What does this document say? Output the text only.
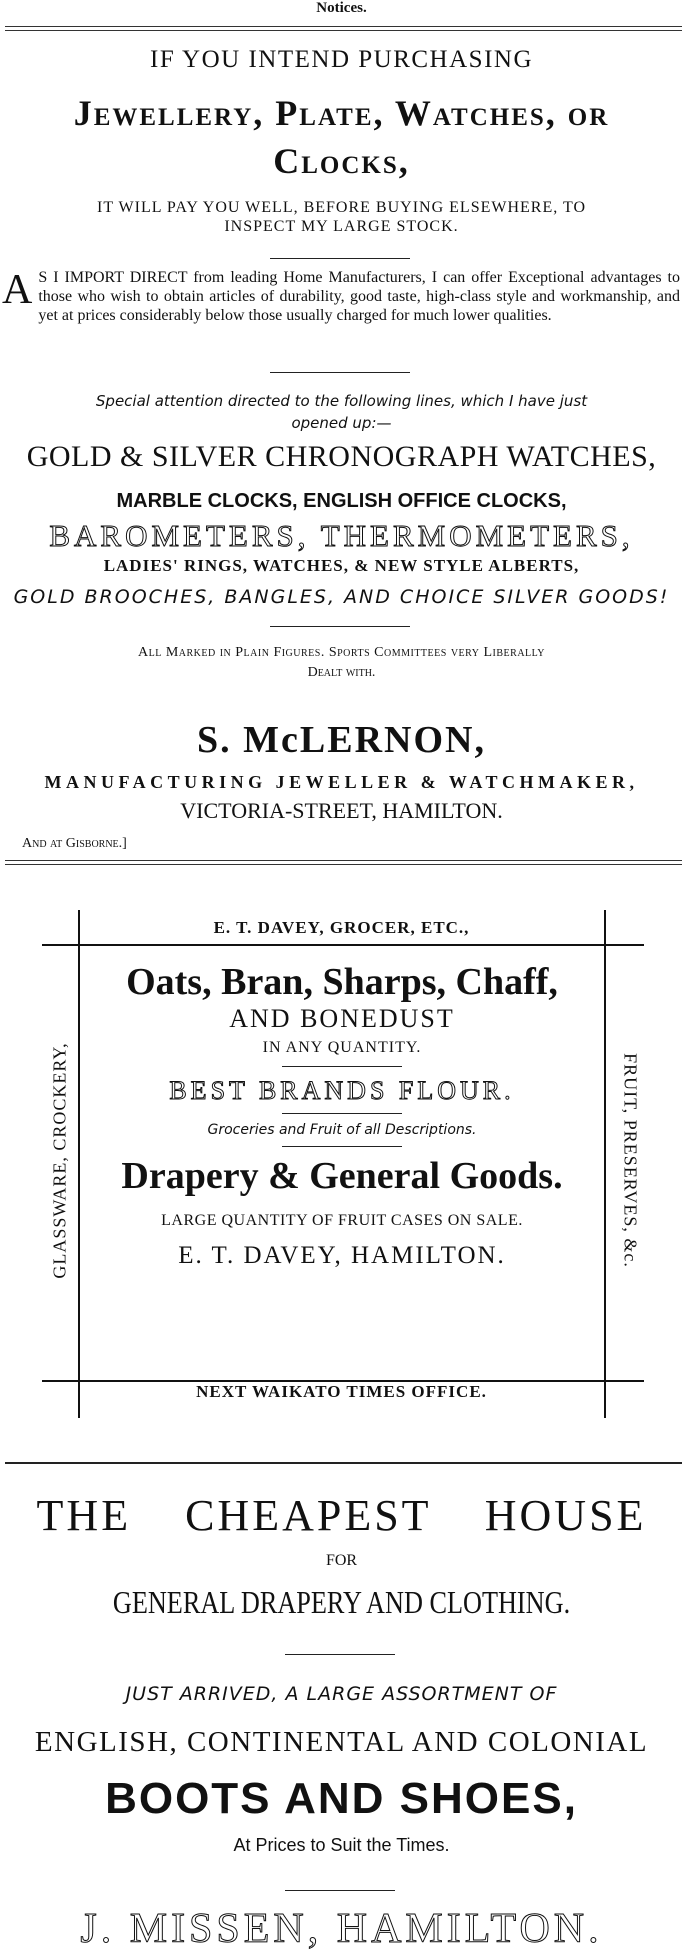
Notices.
IF YOU INTEND PURCHASING
Jewellery, Plate, Watches, or
Clocks,
IT WILL PAY YOU WELL, BEFORE BUYING ELSEWHERE, TO
INSPECT MY LARGE STOCK.
A S I IMPORT DIRECT from leading Home Manufacturers, I can offer Exceptional advantages to those who wish to obtain articles of durability, good taste, high-class style and workmanship, and yet at prices considerably below those usually charged for much lower qualities.
Special attention directed to the following lines, which I have just
opened up:—
GOLD & SILVER CHRONOGRAPH WATCHES,
MARBLE CLOCKS, ENGLISH OFFICE CLOCKS,
BAROMETERS, THERMOMETERS,
LADIES' RINGS, WATCHES, & NEW STYLE ALBERTS,
GOLD BROOCHES, BANGLES, AND CHOICE SILVER GOODS!
All Marked in Plain Figures. Sports Committees very Liberally
Dealt with.
S. McLERNON,
MANUFACTURING JEWELLER & WATCHMAKER,
VICTORIA-STREET, HAMILTON.
And at Gisborne.]
E. T. DAVEY, GROCER, ETC.,
GLASSWARE, CROCKERY,	FRUIT, PRESERVES, &c.
Oats, Bran, Sharps, Chaff,
AND BONEDUST
IN ANY QUANTITY.
BEST BRANDS FLOUR.
Groceries and Fruit of all Descriptions.
Drapery & General Goods.
LARGE QUANTITY OF FRUIT CASES ON SALE.
E. T. DAVEY, HAMILTON.
NEXT WAIKATO TIMES OFFICE.
THE CHEAPEST HOUSE
FOR
GENERAL DRAPERY AND CLOTHING.
JUST ARRIVED, A LARGE ASSORTMENT OF
ENGLISH, CONTINENTAL AND COLONIAL
BOOTS AND SHOES,
At Prices to Suit the Times.
J. MISSEN, HAMILTON.
